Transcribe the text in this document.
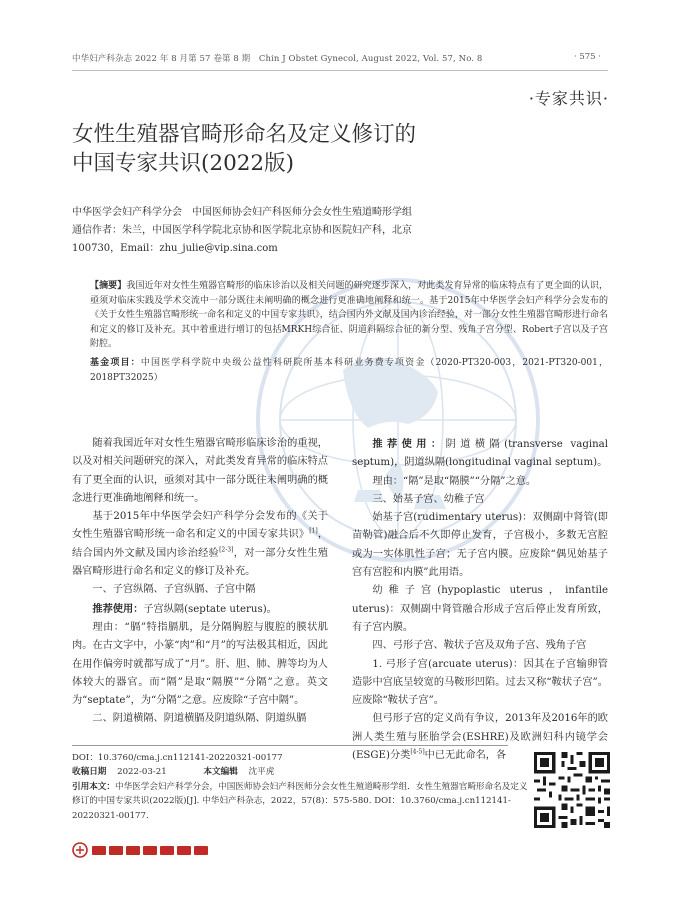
中华妇产科杂志 2022 年 8 月第 57 卷第 8 期　Chin J Obstet Gynecol, August 2022, Vol. 57, No. 8	· 575 ·
·专家共识·
女性生殖器官畸形命名及定义修订的
中国专家共识(2022版)
中华医学会妇产科学分会　中国医师协会妇产科医师分会女性生殖道畸形学组
通信作者：朱兰，中国医学科学院北京协和医学院北京协和医院妇产科，北京
100730，Email：zhu_julie@vip.sina.com

【摘要】我国近年对女性生殖器官畸形的临床诊治以及相关问题的研究逐步深入，对此类发育异常的临床特点有了更全面的认识，亟须对临床实践及学术交流中一部分既往未阐明确的概念进行更准确地阐释和统一。基于2015年中华医学会妇产科学分会发布的《关于女性生殖器官畸形统一命名和定义的中国专家共识》，结合国内外文献及国内诊治经验，对一部分女性生殖器官畸形进行命名和定义的修订及补充。其中着重进行增订的包括MRKH综合征、阴道斜隔综合征的新分型、残角子宫分型、Robert子宫以及子宫附腔。

基金项目：中国医学科学院中央级公益性科研院所基本科研业务费专项资金（2020-PT320-003，2021-PT320-001，2018PT32025）

随着我国近年对女性生殖器官畸形临床诊治的重视，以及对相关问题研究的深入，对此类发育异常的临床特点有了更全面的认识，亟须对其中一部分既往未阐明确的概念进行更准确地阐释和统一。

基于2015年中华医学会妇产科学分会发布的《关于女性生殖器官畸形统一命名和定义的中国专家共识》[1]，结合国内外文献及国内诊治经验[2-3]，对一部分女性生殖器官畸形进行命名和定义的修订及补充。

一、子宫纵隔、子宫纵膈、子宫中隔

推荐使用：子宫纵隔(septate uterus)。

理由：“膈”特指膈肌，是分隔胸腔与腹腔的膜状肌肉。在古文字中，小篆“肉”和“月”的写法极其相近，因此在用作偏旁时就都写成了“月”。肝、胆、肺、脾等均为人体较大的器官。而“隔”是取“隔膜”“分隔”之意。英文为“septate”，为“分隔”之意。应废除“子宫中隔”。

二、阴道横隔、阴道横膈及阴道纵隔、阴道纵膈

推荐使用：阴道横隔(transverse vaginal septum)，阴道纵隔(longitudinal vaginal septum)。

理由：“隔”是取“隔膜”“分隔”之意。

三、始基子宫、幼稚子宫

始基子宫(rudimentary uterus)：双侧副中肾管(即苗勒管)融合后不久即停止发育，子宫极小，多数无宫腔或为一实体肌性子宫；无子宫内膜。应废除“偶见始基子宫有宫腔和内膜”此用语。

幼稚子宫(hypoplastic uterus，infantile uterus)：双侧副中肾管融合形成子宫后停止发育所致，有子宫内膜。

四、弓形子宫、鞍状子宫及双角子宫、残角子宫

1. 弓形子宫(arcuate uterus)：因其在子宫输卵管造影中宫底呈较宽的马鞍形凹陷。过去又称“鞍状子宫”。应废除“鞍状子宫”。

但弓形子宫的定义尚有争议，2013年及2016年的欧洲人类生殖与胚胎学会(ESHRE)及欧洲妇科内镜学会(ESGE)分类[4-5]中已无此命名，各

DOI：10.3760/cma.j.cn112141-20220321-00177
收稿日期 2022-03-21	本文编辑 沈平虎
引用本文：中华医学会妇产科学分会，中国医师协会妇产科医师分会女性生殖道畸形学组．女性生殖器官畸形命名及定义修订的中国专家共识(2022版)[J]. 中华妇产科杂志，2022，57(8)：575-580. DOI：10.3760/cma.j.cn112141-20220321-00177.
